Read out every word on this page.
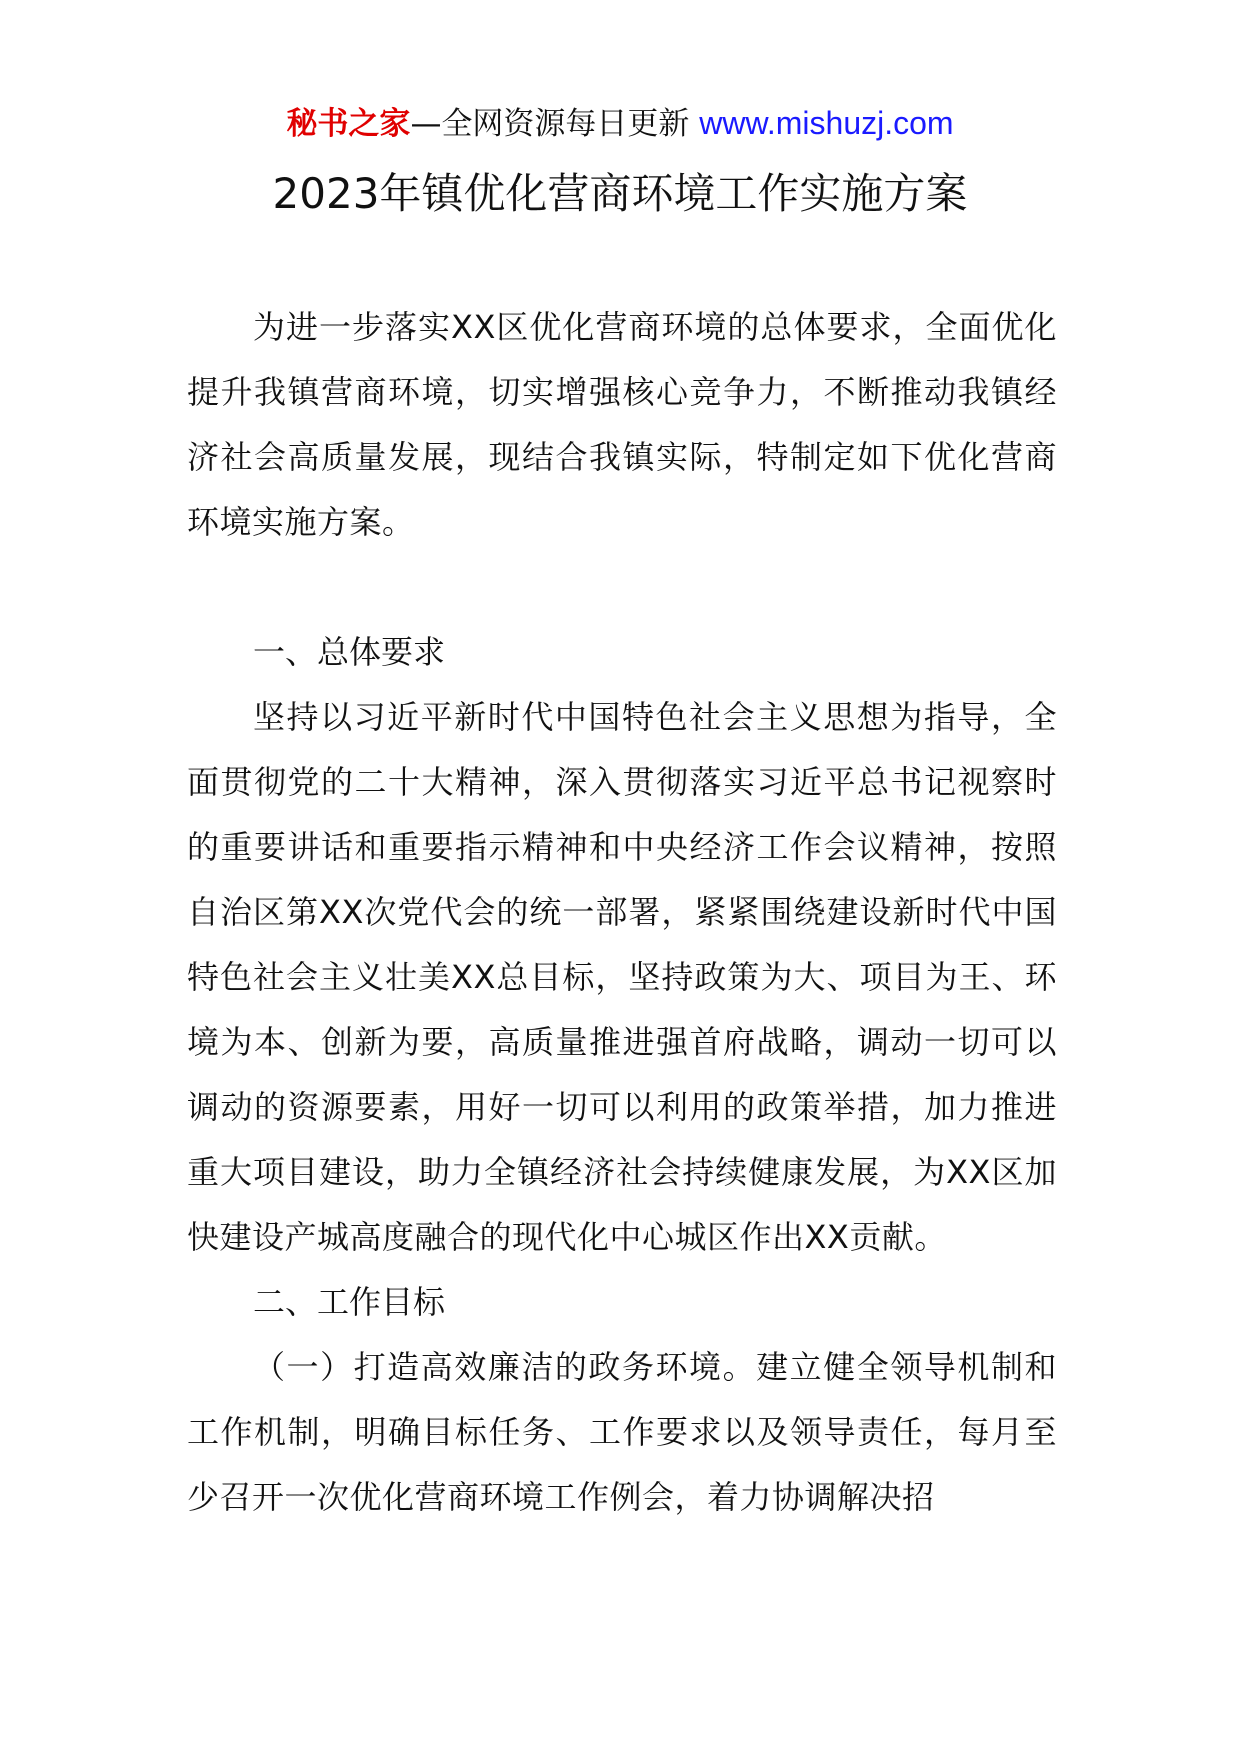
秘书之家—全网资源每日更新 www.mishuzj.com
2023年镇优化营商环境工作实施方案

为进一步落实XX区优化营商环境的总体要求，全面优化提升我镇营商环境，切实增强核心竞争力，不断推动我镇经济社会高质量发展，现结合我镇实际，特制定如下优化营商环境实施方案。

一、总体要求

坚持以习近平新时代中国特色社会主义思想为指导，全面贯彻党的二十大精神，深入贯彻落实习近平总书记视察时的重要讲话和重要指示精神和中央经济工作会议精神，按照自治区第XX次党代会的统一部署，紧紧围绕建设新时代中国特色社会主义壮美XX总目标，坚持政策为大、项目为王、环境为本、创新为要，高质量推进强首府战略，调动一切可以调动的资源要素，用好一切可以利用的政策举措，加力推进重大项目建设，助力全镇经济社会持续健康发展，为XX区加快建设产城高度融合的现代化中心城区作出XX贡献。

二、工作目标

（一）打造高效廉洁的政务环境。建立健全领导机制和工作机制，明确目标任务、工作要求以及领导责任，每月至少召开一次优化营商环境工作例会，着力协调解决招
